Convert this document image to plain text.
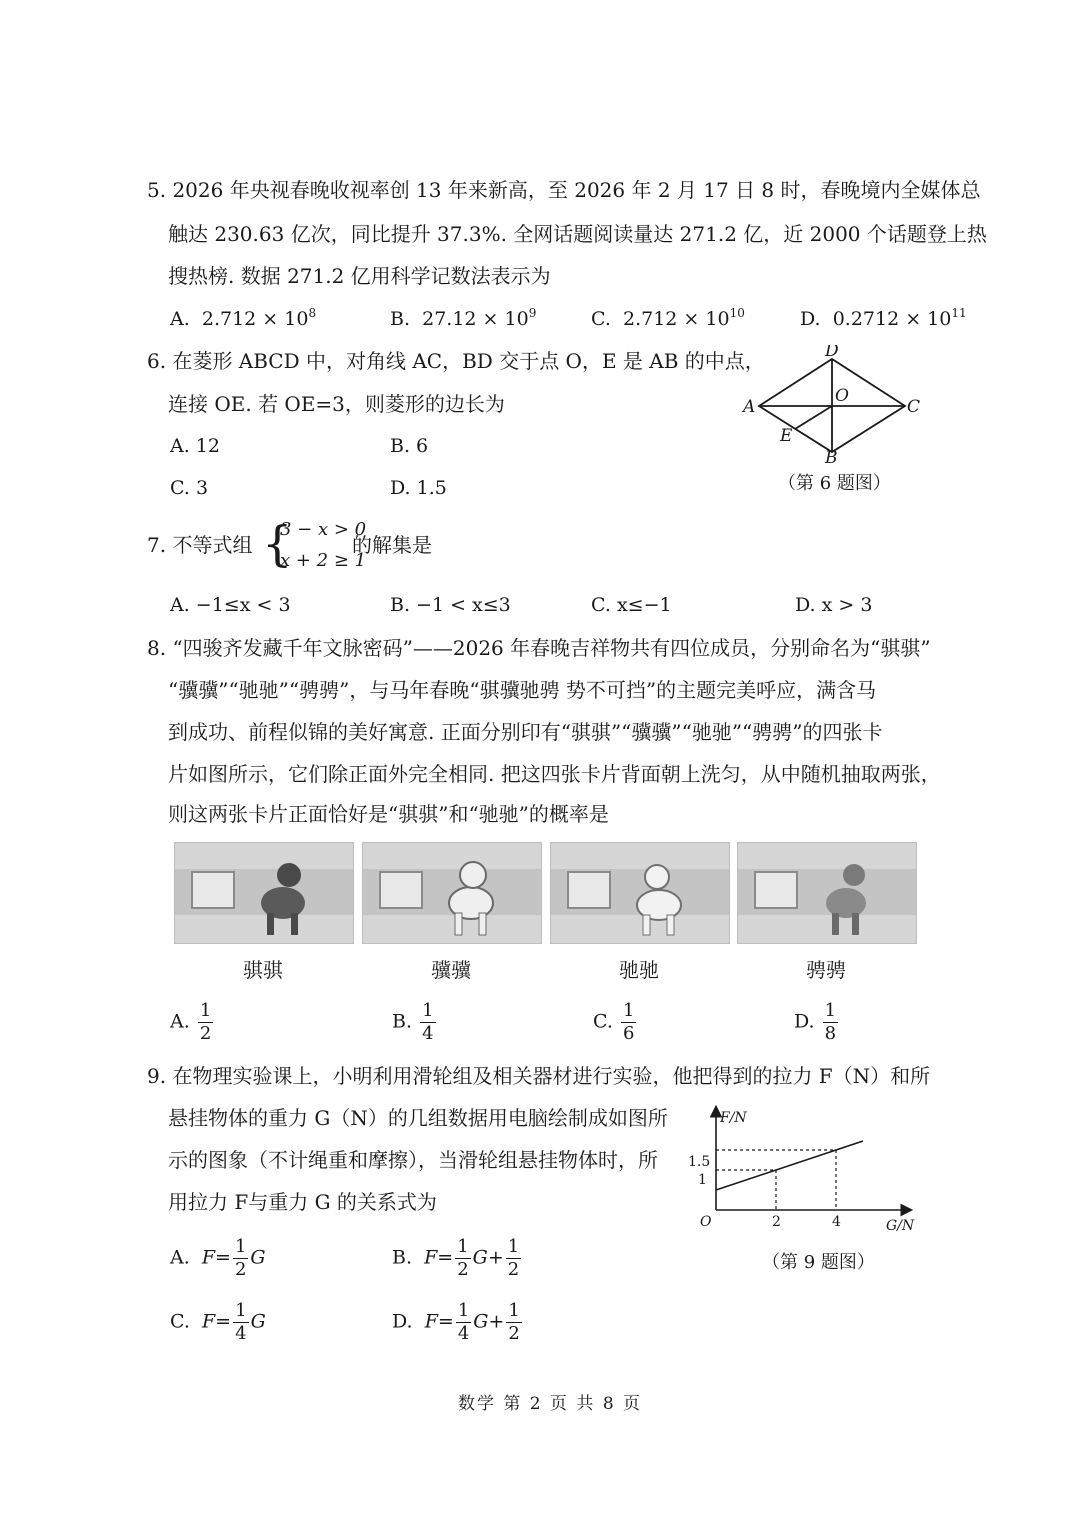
5. 2026 年央视春晚收视率创 13 年来新高，至 2026 年 2 月 17 日 8 时，春晚境内全媒体总
触达 230.63 亿次，同比提升 37.3%. 全网话题阅读量达 271.2 亿，近 2000 个话题登上热
搜热榜. 数据 271.2 亿用科学记数法表示为
A. $2.712 \times 10^8$	B. $27.12 \times 10^9$	C. $2.712 \times 10^{10}$	D. $0.2712 \times 10^{11}$
6. 在菱形 ABCD 中，对角线 AC，BD 交于点 O，E 是 AB 的中点，
连接 OE. 若 OE=3，则菱形的边长为
A. 12	B. 6
C. 3	D. 1.5
A
D
C
B
O
E
（第 6 题图）
7. 不等式组 {
3 − x > 0
x + 2 ≥ 1
的解集是
A. −1≤x < 3	B. −1 < x≤3	C. x≤−1	D. x > 3
8. “四骏齐发藏千年文脉密码”——2026 年春晚吉祥物共有四位成员，分别命名为“骐骐”
“骥骥”“驰驰”“骋骋”，与马年春晚“骐骥驰骋 势不可挡”的主题完美呼应，满含马
到成功、前程似锦的美好寓意. 正面分别印有“骐骐”“骥骥”“驰驰”“骋骋”的四张卡
片如图所示，它们除正面外完全相同. 把这四张卡片背面朝上洗匀，从中随机抽取两张，
则这两张卡片正面恰好是“骐骐”和“驰驰”的概率是
骐骐	骥骥	驰驰	骋骋
A. $\frac{1}{2}$	B. $\frac{1}{4}$	C. $\frac{1}{6}$	D. $\frac{1}{8}$
9. 在物理实验课上，小明利用滑轮组及相关器材进行实验，他把得到的拉力 F（N）和所
悬挂物体的重力 G（N）的几组数据用电脑绘制成如图所
示的图象（不计绳重和摩擦），当滑轮组悬挂物体时，所
用拉力 F与重力 G 的关系式为
F/N
G/N
O	2	4
1
1.5
（第 9 题图）
A. $F= \frac{1}{2}$ G	B. $F= \frac{1}{2} G+ \frac{1}{2}$
C. $F= \frac{1}{4}$ G	D. $F= \frac{1}{4} G+ \frac{1}{2}$
数学 第 2 页 共 8 页
